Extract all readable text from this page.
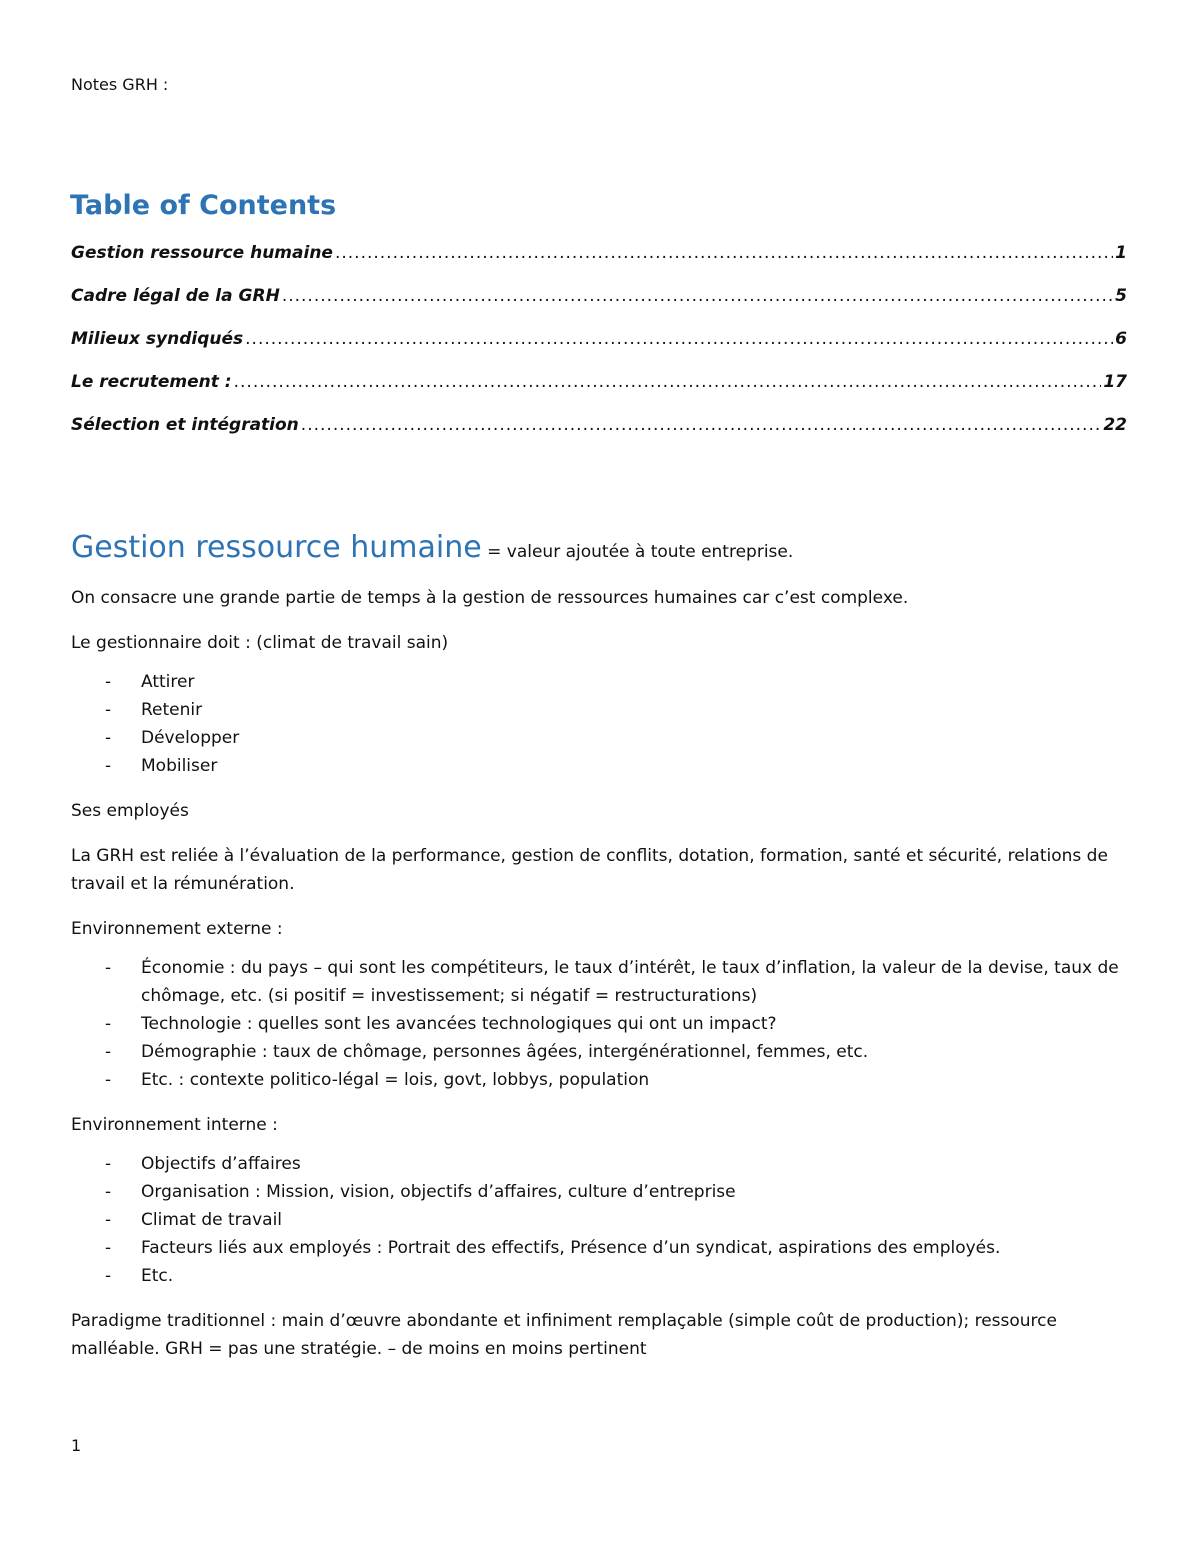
Notes GRH :
Table of Contents
Gestion ressource humaine .....	1
Cadre légal de la GRH .....	5
Milieux syndiqués .....	6
Le recrutement : .....	17
Sélection et intégration .....	22
Gestion ressource humaine = valeur ajoutée à toute entreprise.

On consacre une grande partie de temps à la gestion de ressources humaines car c’est complexe.

Le gestionnaire doit : (climat de travail sain)

- Attirer
- Retenir
- Développer
- Mobiliser

Ses employés

La GRH est reliée à l’évaluation de la performance, gestion de conflits, dotation, formation, santé et sécurité, relations de travail et la rémunération.

Environnement externe :

- Économie : du pays – qui sont les compétiteurs, le taux d’intérêt, le taux d’inflation, la valeur de la devise, taux de chômage, etc. (si positif = investissement; si négatif = restructurations)
- Technologie : quelles sont les avancées technologiques qui ont un impact?
- Démographie : taux de chômage, personnes âgées, intergénérationnel, femmes, etc.
- Etc. : contexte politico-légal = lois, govt, lobbys, population

Environnement interne :

- Objectifs d’affaires
- Organisation : Mission, vision, objectifs d’affaires, culture d’entreprise
- Climat de travail
- Facteurs liés aux employés : Portrait des effectifs, Présence d’un syndicat, aspirations des employés.
- Etc.

Paradigme traditionnel : main d’œuvre abondante et infiniment remplaçable (simple coût de production); ressource malléable. GRH = pas une stratégie. – de moins en moins pertinent

1
